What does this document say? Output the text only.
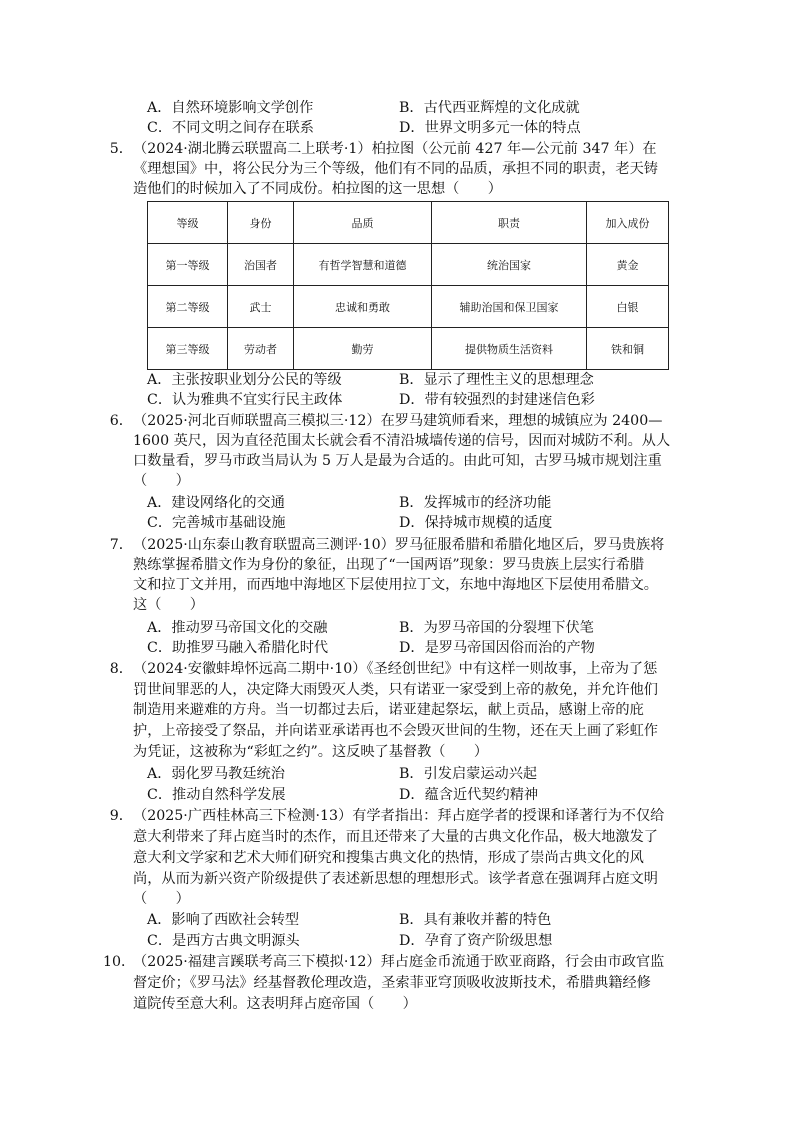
A．自然环境影响文学创作	B．古代西亚辉煌的文化成就
C．不同文明之间存在联系	D．世界文明多元一体的特点
5． （2024·湖北腾云联盟高二上联考·1）柏拉图（公元前 427 年—公元前 347 年）在
《理想国》中，将公民分为三个等级，他们有不同的品质，承担不同的职责，老天铸
造他们的时候加入了不同成份。柏拉图的这一思想（　　）
等级	身份	品质	职责	加入成份
第一等级	治国者	有哲学智慧和道德	统治国家	黄金
第二等级	武士	忠诚和勇敢	辅助治国和保卫国家	白银
第三等级	劳动者	勤劳	提供物质生活资料	铁和铜
A．主张按职业划分公民的等级	B．显示了理性主义的思想理念
C．认为雅典不宜实行民主政体	D．带有较强烈的封建迷信色彩
6． （2025·河北百师联盟高三模拟三·12）在罗马建筑师看来，理想的城镇应为 2400—
1600 英尺，因为直径范围太长就会看不清沿城墙传递的信号，因而对城防不利。从人
口数量看，罗马市政当局认为 5 万人是最为合适的。由此可知，古罗马城市规划注重
（　　）
A．建设网络化的交通	B．发挥城市的经济功能
C．完善城市基础设施	D．保持城市规模的适度
7． （2025·山东泰山教育联盟高三测评·10）罗马征服希腊和希腊化地区后，罗马贵族将
熟练掌握希腊文作为身份的象征，出现了“一国两语”现象：罗马贵族上层实行希腊
文和拉丁文并用，而西地中海地区下层使用拉丁文，东地中海地区下层使用希腊文。
这（　　）
A．推动罗马帝国文化的交融	B．为罗马帝国的分裂埋下伏笔
C．助推罗马融入希腊化时代	D．是罗马帝国因俗而治的产物
8． （2024·安徽蚌埠怀远高二期中·10）《圣经创世纪》中有这样一则故事，上帝为了惩
罚世间罪恶的人，决定降大雨毁灭人类，只有诺亚一家受到上帝的赦免，并允许他们
制造用来避难的方舟。当一切都过去后，诺亚建起祭坛，献上贡品，感谢上帝的庇
护，上帝接受了祭品，并向诺亚承诺再也不会毁灭世间的生物，还在天上画了彩虹作
为凭证，这被称为“彩虹之约”。这反映了基督教（　　）
A．弱化罗马教廷统治	B．引发启蒙运动兴起
C．推动自然科学发展	D．蕴含近代契约精神
9． （2025·广西桂林高三下检测·13）有学者指出：拜占庭学者的授课和译著行为不仅给
意大利带来了拜占庭当时的杰作，而且还带来了大量的古典文化作品，极大地激发了
意大利文学家和艺术大师们研究和搜集古典文化的热情，形成了崇尚古典文化的风
尚，从而为新兴资产阶级提供了表述新思想的理想形式。该学者意在强调拜占庭文明
（　　）
A．影响了西欧社会转型	B．具有兼收并蓄的特色
C．是西方古典文明源头	D．孕育了资产阶级思想
10．
（2025·福建言蹊联考高三下模拟·12）拜占庭金币流通于欧亚商路，行会由市政官监
督定价；《罗马法》经基督教伦理改造，圣索菲亚穹顶吸收波斯技术，希腊典籍经修
道院传至意大利。这表明拜占庭帝国（　　）
